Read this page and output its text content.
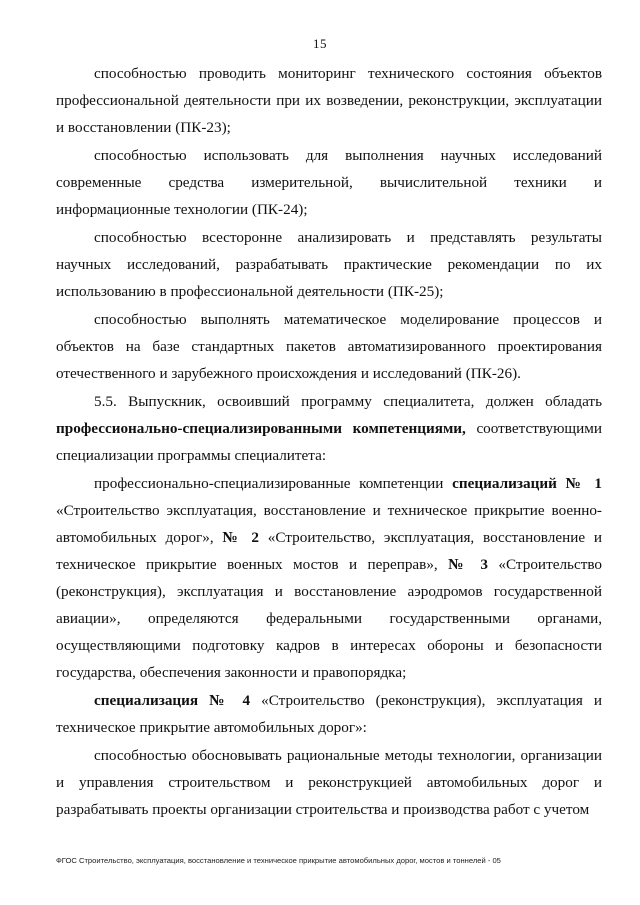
15

способностью проводить мониторинг технического состояния объектов профессиональной деятельности при их возведении, реконструкции, эксплуатации и восстановлении (ПК-23);

способностью использовать для выполнения научных исследований современные средства измерительной, вычислительной техники и информационные технологии (ПК-24);

способностью всесторонне анализировать и представлять результаты научных исследований, разрабатывать практические рекомендации по их использованию в профессиональной деятельности (ПК-25);

способностью выполнять математическое моделирование процессов и объектов на базе стандартных пакетов автоматизированного проектирования отечественного и зарубежного происхождения и исследований (ПК-26).

5.5. Выпускник, освоивший программу специалитета, должен обладать профессионально-специализированными компетенциями, соответствующими специализации программы специалитета:

профессионально-специализированные компетенции специализаций № 1 «Строительство эксплуатация, восстановление и техническое прикрытие военно-автомобильных дорог», № 2 «Строительство, эксплуатация, восстановление и техническое прикрытие военных мостов и переправ», № 3 «Строительство (реконструкция), эксплуатация и восстановление аэродромов государственной авиации», определяются федеральными государственными органами, осуществляющими подготовку кадров в интересах обороны и безопасности государства, обеспечения законности и правопорядка;

специализация № 4 «Строительство (реконструкция), эксплуатация и техническое прикрытие автомобильных дорог»:

способностью обосновывать рациональные методы технологии, организации и управления строительством и реконструкцией автомобильных дорог и разрабатывать проекты организации строительства и производства работ с учетом

ФГОС Строительство, эксплуатация, восстановление и техническое прикрытие автомобильных дорог, мостов и тоннелей - 05
